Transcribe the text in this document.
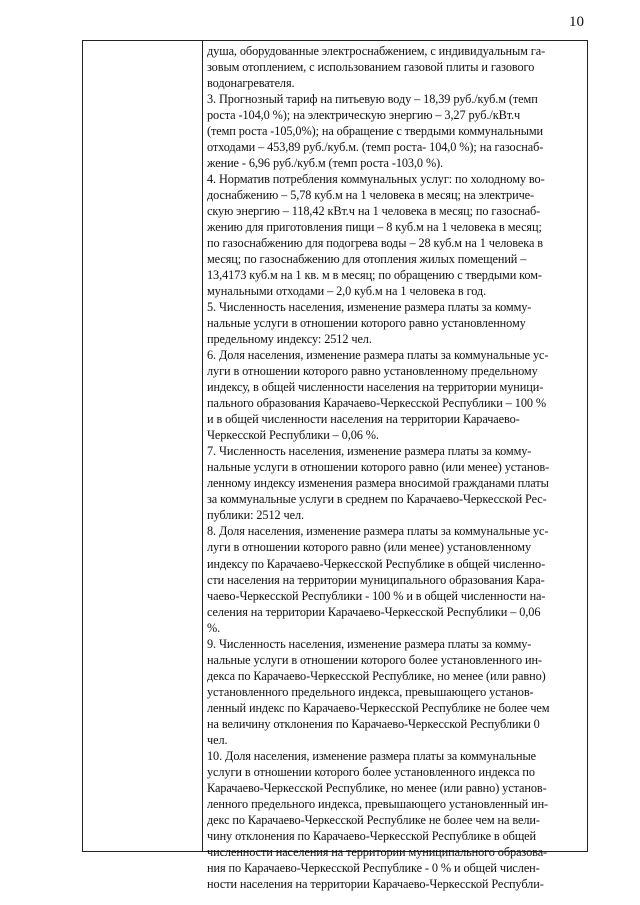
10
душа, оборудованные электроснабжением, с индивидуальным га-
зовым отоплением, с использованием газовой плиты и газового
водонагревателя.
3. Прогнозный тариф на питьевую воду – 18,39 руб./куб.м (темп
роста -104,0 %); на электрическую энергию – 3,27 руб./кВт.ч
(темп роста -105,0%); на обращение с твердыми коммунальными
отходами – 453,89 руб./куб.м. (темп роста- 104,0 %); на газоснаб-
жение - 6,96 руб./куб.м (темп роста -103,0 %).
4. Норматив потребления коммунальных услуг: по холодному во-
доснабжению – 5,78 куб.м на 1 человека в месяц; на электриче-
скую энергию – 118,42 кВт.ч на 1 человека в месяц; по газоснаб-
жению для приготовления пищи – 8 куб.м на 1 человека в месяц;
по газоснабжению для подогрева воды – 28 куб.м на 1 человека в
месяц; по газоснабжению для отопления жилых помещений –
13,4173 куб.м на 1 кв. м в месяц; по обращению с твердыми ком-
мунальными отходами – 2,0 куб.м на 1 человека в год.
5. Численность населения, изменение размера платы за комму-
нальные услуги в отношении которого равно установленному
предельному индексу: 2512 чел.
6. Доля населения, изменение размера платы за коммунальные ус-
луги в отношении которого равно установленному предельному
индексу, в общей численности населения на территории муници-
пального образования Карачаево-Черкесской Республики – 100 %
и в общей численности населения на территории Карачаево-
Черкесской Республики – 0,06 %.
7. Численность населения, изменение размера платы за комму-
нальные услуги в отношении которого равно (или менее) установ-
ленному индексу изменения размера вносимой гражданами платы
за коммунальные услуги в среднем по Карачаево-Черкесской Рес-
публики: 2512 чел.
8. Доля населения, изменение размера платы за коммунальные ус-
луги в отношении которого равно (или менее) установленному
индексу по Карачаево-Черкесской Республике в общей численно-
сти населения на территории муниципального образования Кара-
чаево-Черкесской Республики - 100 % и в общей численности на-
селения на территории Карачаево-Черкесской Республики – 0,06
%.
9. Численность населения, изменение размера платы за комму-
нальные услуги в отношении которого более установленного ин-
декса по Карачаево-Черкесской Республике, но менее (или равно)
установленного предельного индекса, превышающего установ-
ленный индекс по Карачаево-Черкесской Республике не более чем
на величину отклонения по Карачаево-Черкесской Республики 0
чел.
10. Доля населения, изменение размера платы за коммунальные
услуги в отношении которого более установленного индекса по
Карачаево-Черкесской Республике, но менее (или равно) установ-
ленного предельного индекса, превышающего установленный ин-
декс по Карачаево-Черкесской Республике не более чем на вели-
чину отклонения по Карачаево-Черкесской Республике в общей
численности населения на территории муниципального образова-
ния по Карачаево-Черкесской Республике - 0 % и общей числен-
ности населения на территории Карачаево-Черкесской Республи-
